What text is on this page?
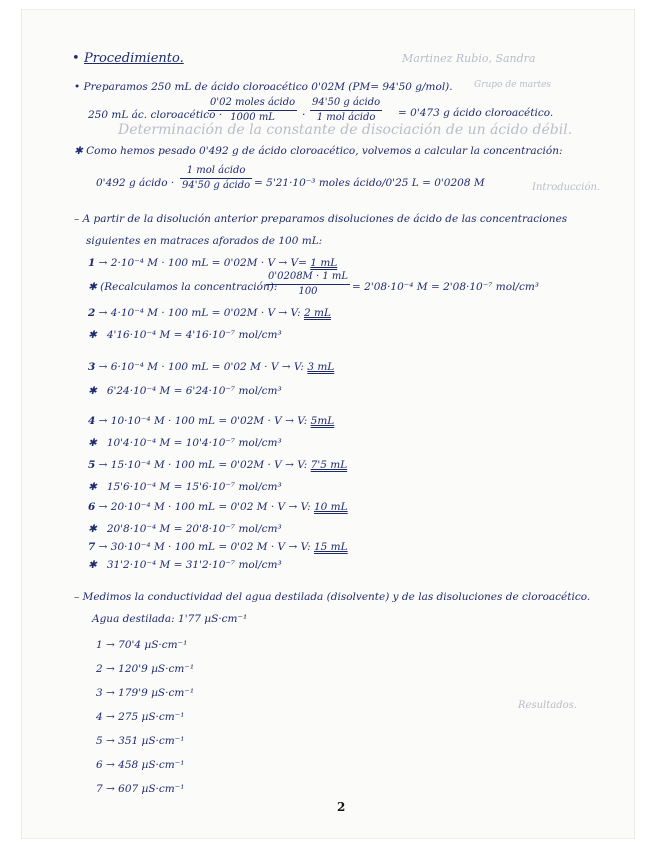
• Procedimiento.	Martinez Rubio, Sandra
Grupo de martes
• Preparamos 250 mL de ácido cloroacético 0'02M (PM= 94'50 g/mol).
250 mL ác. cloroacético ·
0'02 moles ácido
1000 mL	·
94'50 g ácido
1 mol ácido	= 0'473 g ácido cloroacético.
Determinación de la constante de disociación de un ácido débil.
✱ Como hemos pesado 0'492 g de ácido cloroacético, volvemos a calcular la concentración:
0'492 g ácido ·
1 mol ácido
94'50 g ácido = 5'21·10⁻³ moles ácido/0'25 L = 0'0208 M	Introducción.
– A partir de la disolución anterior preparamos disoluciones de ácido de las concentraciones
siguientes en matraces aforados de 100 mL:
1 → 2·10⁻⁴ M · 100 mL = 0'02M · V → V= 1 mL
✱ (Recalculamos la concentración):
$\frac{0'0208M \cdot 1 mL}{100} = 2'08\cdot 10^{-4}$ M = 2'08·10⁻⁷ mol/cm³
2 → 4·10⁻⁴ M · 100 mL = 0'02M · V → V: 2 mL
✱   4'16·10⁻⁴ M = 4'16·10⁻⁷ mol/cm³
3 → 6·10⁻⁴ M · 100 mL = 0'02 M · V → V: 3 mL
✱   6'24·10⁻⁴ M = 6'24·10⁻⁷ mol/cm³
4 → 10·10⁻⁴ M · 100 mL = 0'02M · V → V: 5mL
✱   10'4·10⁻⁴ M = 10'4·10⁻⁷ mol/cm³
5 → 15·10⁻⁴ M · 100 mL = 0'02M · V → V: 7'5 mL
✱   15'6·10⁻⁴ M = 15'6·10⁻⁷ mol/cm³
6 → 20·10⁻⁴ M · 100 mL = 0'02 M · V → V: 10 mL
✱   20'8·10⁻⁴ M = 20'8·10⁻⁷ mol/cm³
7 → 30·10⁻⁴ M · 100 mL = 0'02 M · V → V: 15 mL
✱   31'2·10⁻⁴ M = 31'2·10⁻⁷ mol/cm³
– Medimos la conductividad del agua destilada (disolvente) y de las disoluciones de cloroacético.
Agua destilada: 1'77 µS·cm⁻¹
1 → 70'4 µS·cm⁻¹
2 → 120'9 µS·cm⁻¹
3 → 179'9 µS·cm⁻¹
4 → 275 µS·cm⁻¹
5 → 351 µS·cm⁻¹
6 → 458 µS·cm⁻¹
7 → 607 µS·cm⁻¹
Resultados.
2
